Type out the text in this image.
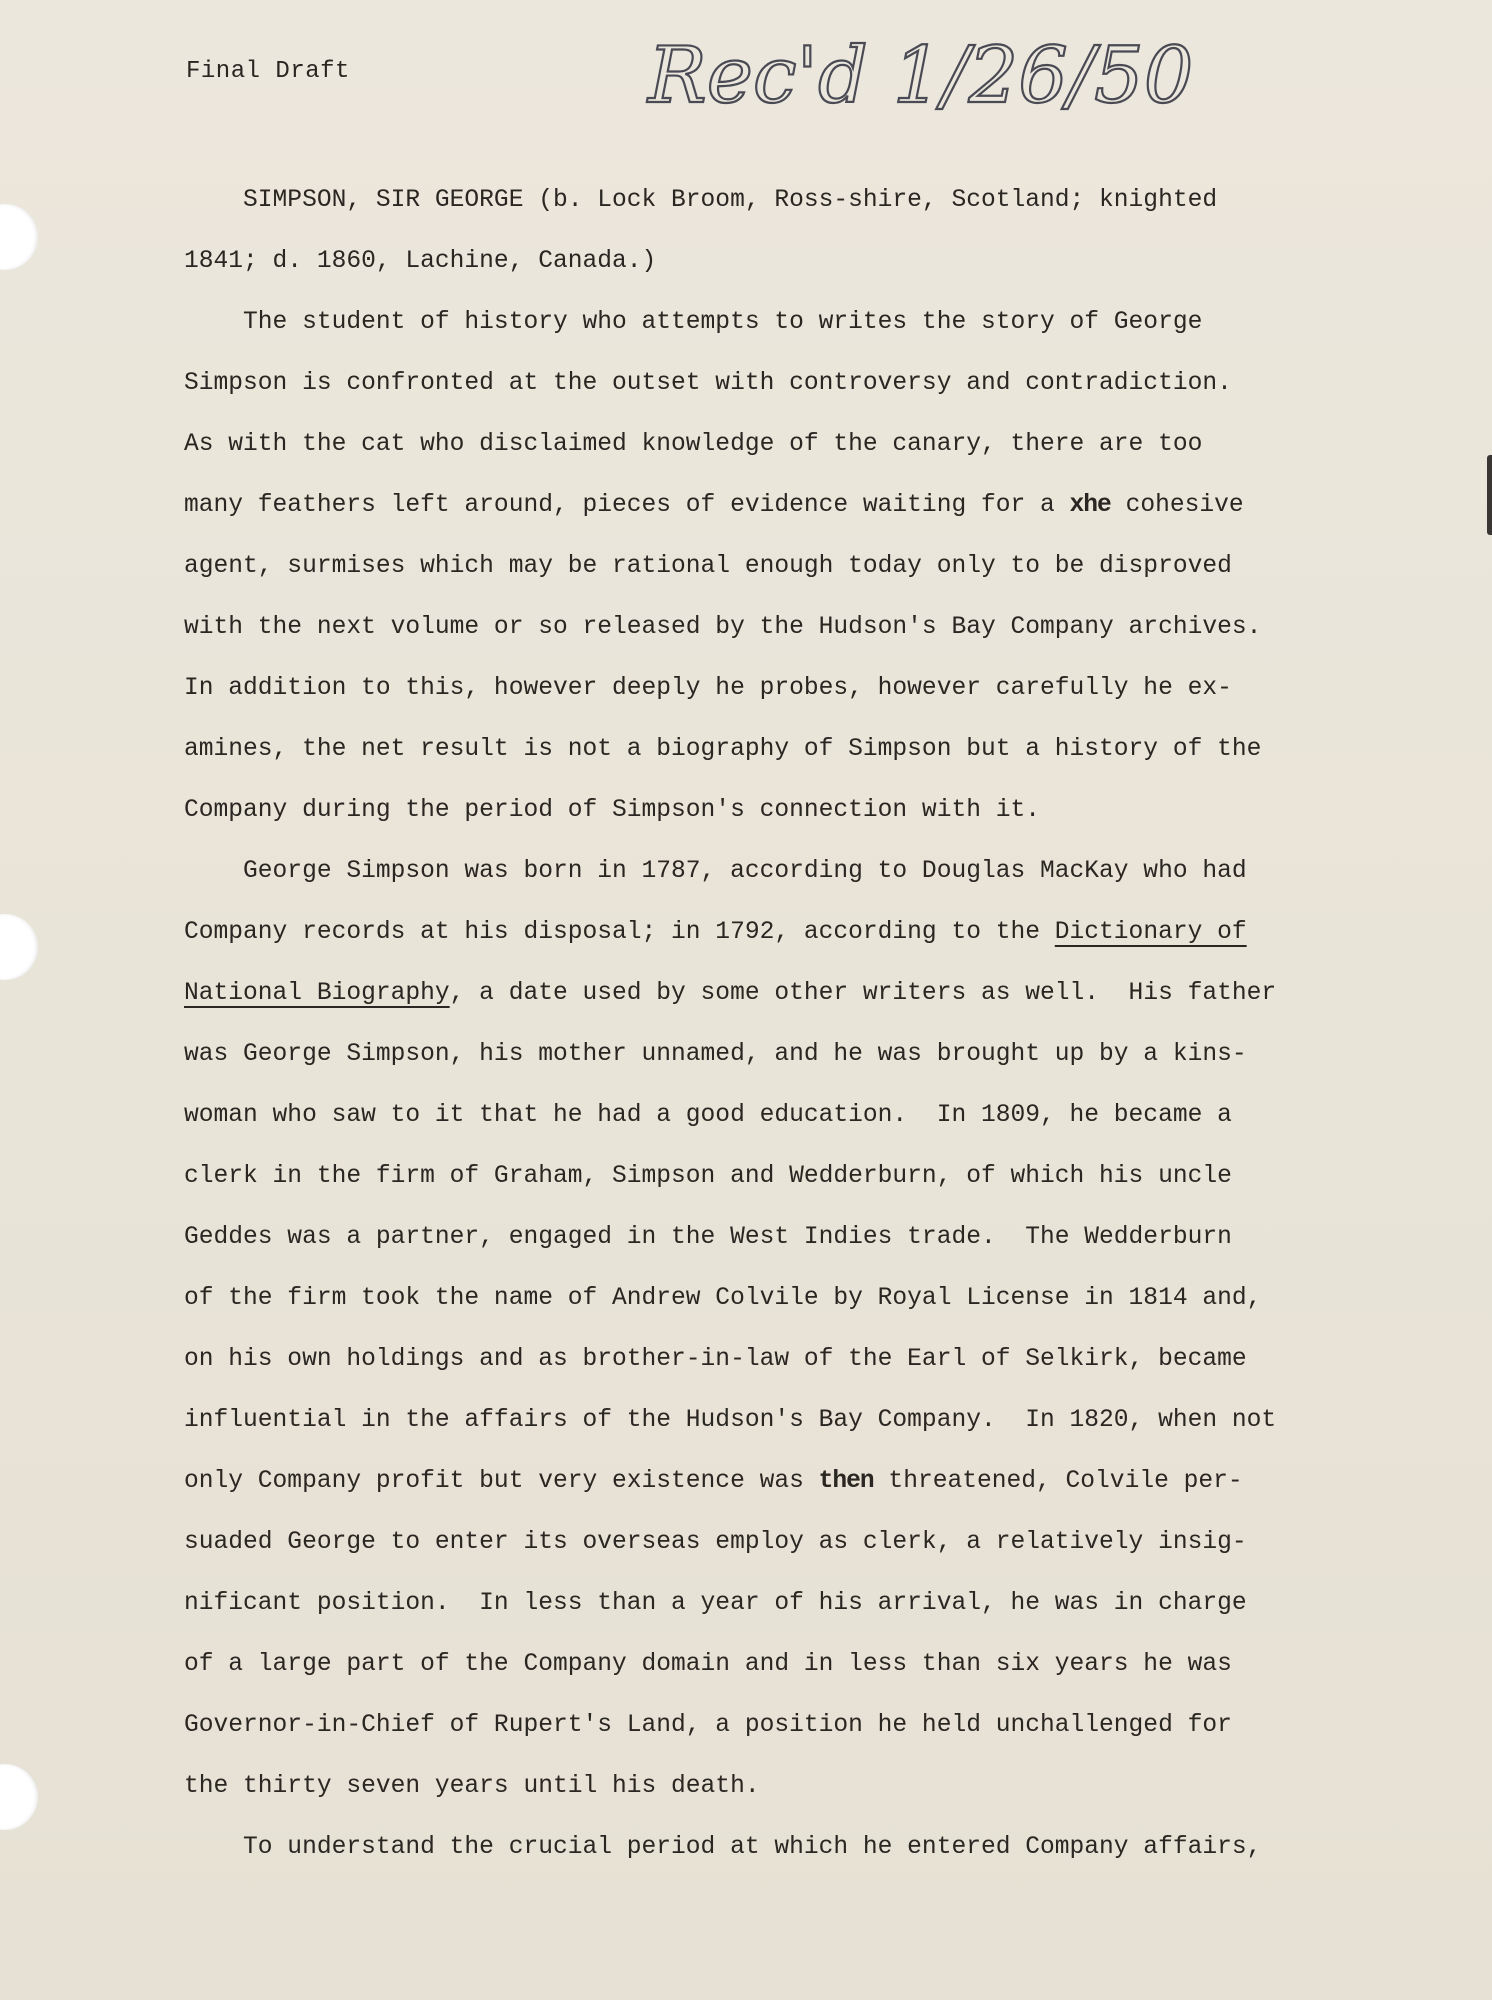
Final Draft	Rec'd 1/26/50
SIMPSON, SIR GEORGE (b. Lock Broom, Ross-shire, Scotland; knighted
1841; d. 1860, Lachine, Canada.)
The student of history who attempts to writes the story of George
Simpson is confronted at the outset with controversy and contradiction.
As with the cat who disclaimed knowledge of the canary, there are too
many feathers left around, pieces of evidence waiting for a xhe cohesive
agent, surmises which may be rational enough today only to be disproved
with the next volume or so released by the Hudson's Bay Company archives.
In addition to this, however deeply he probes, however carefully he ex-
amines, the net result is not a biography of Simpson but a history of the
Company during the period of Simpson's connection with it.
George Simpson was born in 1787, according to Douglas MacKay who had
Company records at his disposal; in 1792, according to the Dictionary of
National Biography, a date used by some other writers as well.  His father
was George Simpson, his mother unnamed, and he was brought up by a kins-
woman who saw to it that he had a good education.  In 1809, he became a
clerk in the firm of Graham, Simpson and Wedderburn, of which his uncle
Geddes was a partner, engaged in the West Indies trade.  The Wedderburn
of the firm took the name of Andrew Colvile by Royal License in 1814 and,
on his own holdings and as brother-in-law of the Earl of Selkirk, became
influential in the affairs of the Hudson's Bay Company.  In 1820, when not
only Company profit but very existence was then threatened, Colvile per-
suaded George to enter its overseas employ as clerk, a relatively insig-
nificant position.  In less than a year of his arrival, he was in charge
of a large part of the Company domain and in less than six years he was
Governor-in-Chief of Rupert's Land, a position he held unchallenged for
the thirty seven years until his death.
To understand the crucial period at which he entered Company affairs,
